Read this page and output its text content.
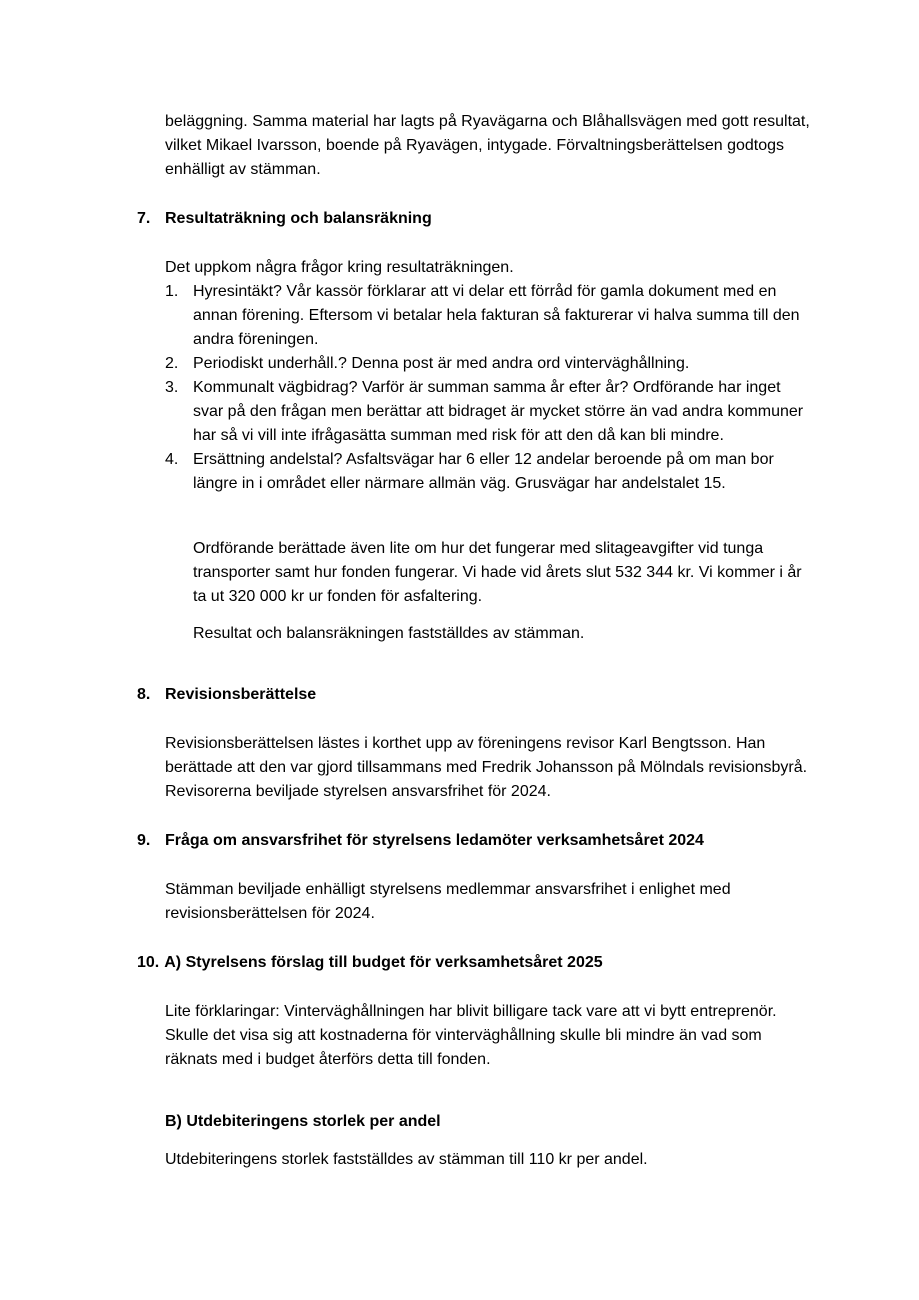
beläggning. Samma material har lagts på Ryavägarna och Blåhallsvägen med gott resultat, vilket Mikael Ivarsson, boende på Ryavägen, intygade. Förvaltningsberättelsen godtogs enhälligt av stämman.

7. Resultaträkning och balansräkning

Det uppkom några frågor kring resultaträkningen.

1. Hyresintäkt? Vår kassör förklarar att vi delar ett förråd för gamla dokument med en annan förening. Eftersom vi betalar hela fakturan så fakturerar vi halva summa till den andra föreningen.
2. Periodiskt underhåll.? Denna post är med andra ord vinterväghållning.
3. Kommunalt vägbidrag? Varför är summan samma år efter år? Ordförande har inget svar på den frågan men berättar att bidraget är mycket större än vad andra kommuner har så vi vill inte ifrågasätta summan med risk för att den då kan bli mindre.
4. Ersättning andelstal? Asfaltsvägar har 6 eller 12 andelar beroende på om man bor längre in i området eller närmare allmän väg. Grusvägar har andelstalet 15.

Ordförande berättade även lite om hur det fungerar med slitageavgifter vid tunga transporter samt hur fonden fungerar. Vi hade vid årets slut 532 344 kr. Vi kommer i år ta ut 320 000 kr ur fonden för asfaltering.

Resultat och balansräkningen fastställdes av stämman.

8. Revisionsberättelse

Revisionsberättelsen lästes i korthet upp av föreningens revisor Karl Bengtsson. Han berättade att den var gjord tillsammans med Fredrik Johansson på Mölndals revisionsbyrå. Revisorerna beviljade styrelsen ansvarsfrihet för 2024.

9. Fråga om ansvarsfrihet för styrelsens ledamöter verksamhetsåret 2024

Stämman beviljade enhälligt styrelsens medlemmar ansvarsfrihet i enlighet med revisionsberättelsen för 2024.

10. A) Styrelsens förslag till budget för verksamhetsåret 2025

Lite förklaringar: Vinterväghållningen har blivit billigare tack vare att vi bytt entreprenör. Skulle det visa sig att kostnaderna för vinterväghållning skulle bli mindre än vad som räknats med i budget återförs detta till fonden.

B) Utdebiteringens storlek per andel

Utdebiteringens storlek fastställdes av stämman till 110 kr per andel.
